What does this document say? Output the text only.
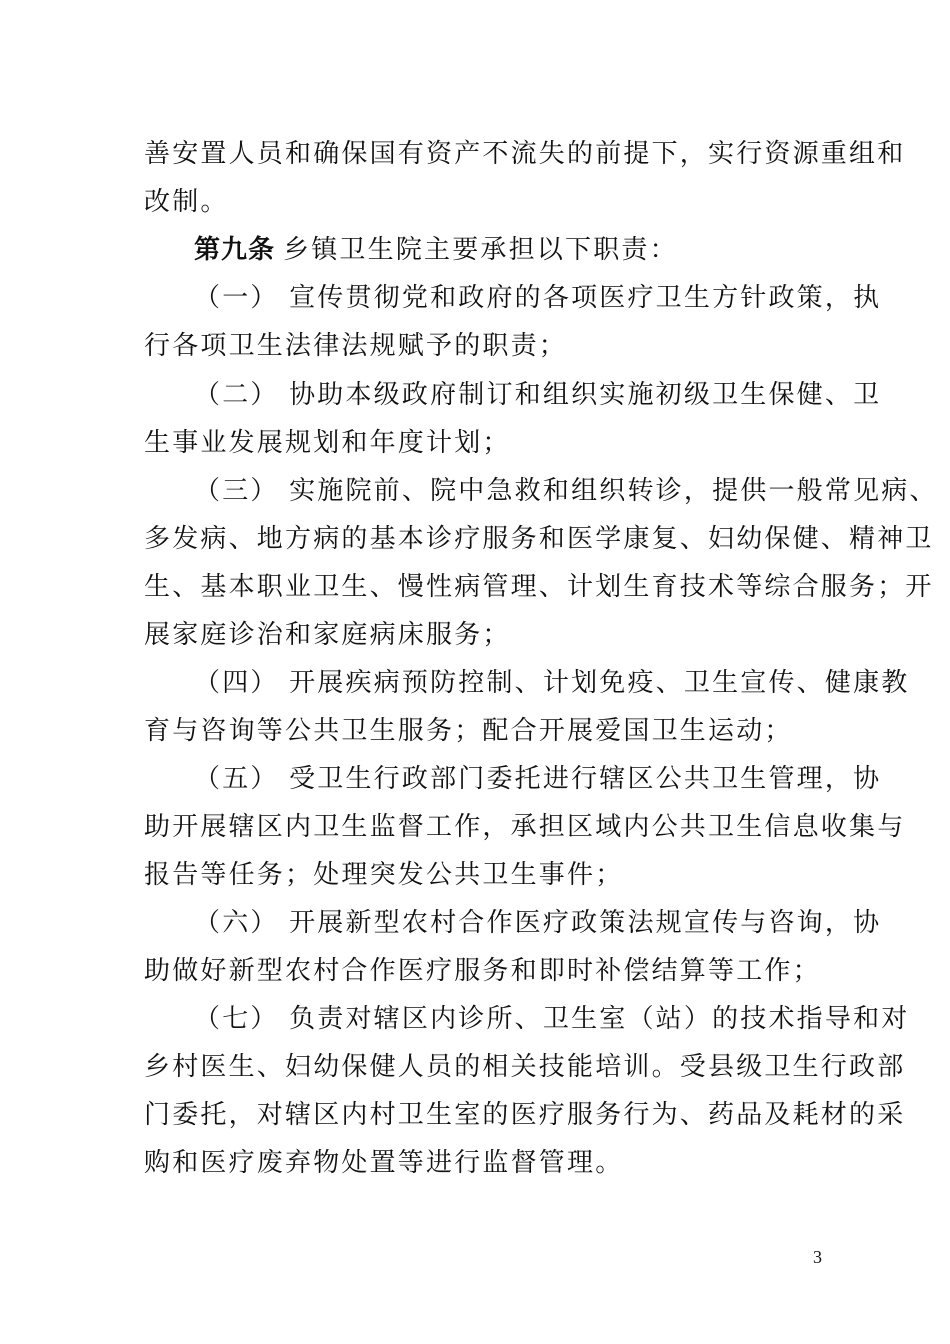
善安置人员和确保国有资产不流失的前提下，实行资源重组和
改制。
第九条 乡镇卫生院主要承担以下职责：
（一） 宣传贯彻党和政府的各项医疗卫生方针政策，执
行各项卫生法律法规赋予的职责；
（二） 协助本级政府制订和组织实施初级卫生保健、卫
生事业发展规划和年度计划；
（三） 实施院前、院中急救和组织转诊，提供一般常见病、
多发病、地方病的基本诊疗服务和医学康复、妇幼保健、精神卫
生、基本职业卫生、慢性病管理、计划生育技术等综合服务；开
展家庭诊治和家庭病床服务；
（四） 开展疾病预防控制、计划免疫、卫生宣传、健康教
育与咨询等公共卫生服务；配合开展爱国卫生运动；
（五） 受卫生行政部门委托进行辖区公共卫生管理，协
助开展辖区内卫生监督工作，承担区域内公共卫生信息收集与
报告等任务；处理突发公共卫生事件；
（六） 开展新型农村合作医疗政策法规宣传与咨询，协
助做好新型农村合作医疗服务和即时补偿结算等工作；
（七） 负责对辖区内诊所、卫生室（站）的技术指导和对
乡村医生、妇幼保健人员的相关技能培训。受县级卫生行政部
门委托，对辖区内村卫生室的医疗服务行为、药品及耗材的采
购和医疗废弃物处置等进行监督管理。
3
